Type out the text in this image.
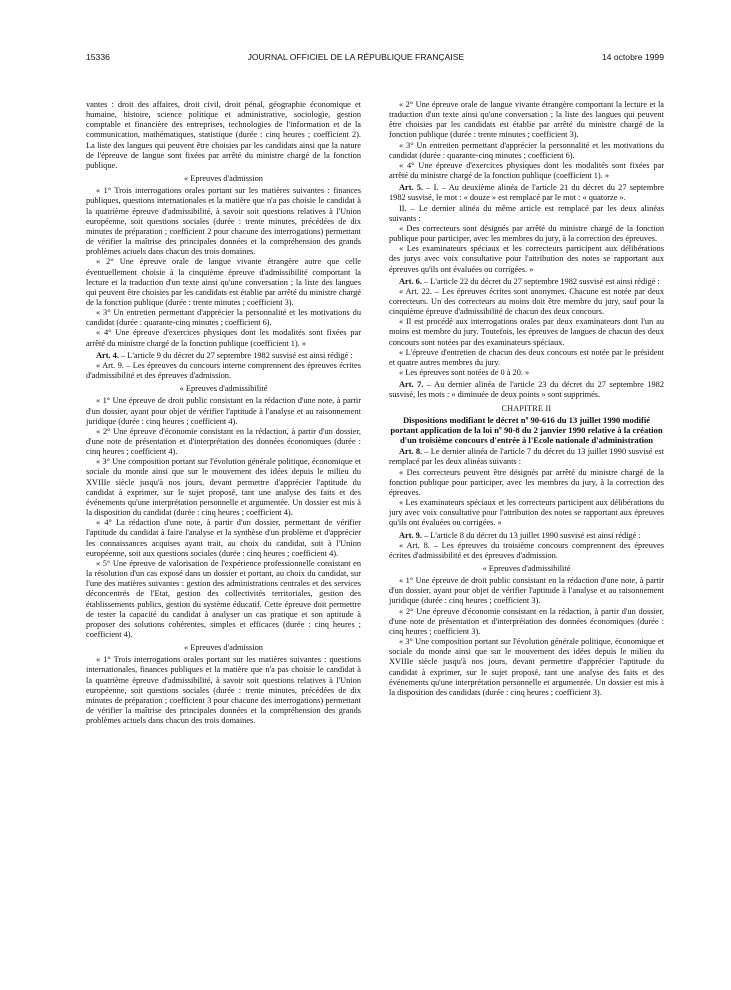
15336	JOURNAL OFFICIEL DE LA RÉPUBLIQUE FRANÇAISE	14 octobre 1999

vantes : droit des affaires, droit civil, droit pénal, géographie économique et humaine, histoire, science politique et administrative, sociologie, gestion comptable et financière des entreprises, technologies de l'information et de la communication, mathématiques, statistique (durée : cinq heures ; coefficient 2). La liste des langues qui peuvent être choisies par les candidats ainsi que la nature de l'épreuve de langue sont fixées par arrêté du ministre chargé de la fonction publique.

« Epreuves d'admission

« 1° Trois interrogations orales portant sur les matières suivantes : finances publiques, questions internationales et la matière que n'a pas choisie le candidat à la quatrième épreuve d'admissibilité, à savoir soit questions relatives à l'Union européenne, soit questions sociales (durée : trente minutes, précédées de dix minutes de préparation ; coefficient 2 pour chacune des interrogations) permettant de vérifier la maîtrise des principales données et la compréhension des grands problèmes actuels dans chacun des trois domaines.

« 2° Une épreuve orale de langue vivante étrangère autre que celle éventuellement choisie à la cinquième épreuve d'admissibilité comportant la lecture et la traduction d'un texte ainsi qu'une conversation ; la liste des langues qui peuvent être choisies par les candidats est établie par arrêté du ministre chargé de la fonction publique (durée : trente minutes ; coefficient 3).

« 3° Un entretien permettant d'apprécier la personnalité et les motivations du candidat (durée : quarante-cinq minutes ; coefficient 6).

« 4° Une épreuve d'exercices physiques dont les modalités sont fixées par arrêté du ministre chargé de la fonction publique (coefficient 1). »

Art. 4. – L'article 9 du décret du 27 septembre 1982 susvisé est ainsi rédigé :

« Art. 9. – Les épreuves du concours interne comprennent des épreuves écrites d'admissibilité et des épreuves d'admission.

« Epreuves d'admissibilité

« 1° Une épreuve de droit public consistant en la rédaction d'une note, à partir d'un dossier, ayant pour objet de vérifier l'aptitude à l'analyse et au raisonnement juridique (durée : cinq heures ; coefficient 4).

« 2° Une épreuve d'économie consistant en la rédaction, à partir d'un dossier, d'une note de présentation et d'interprétation des données économiques (durée : cinq heures ; coefficient 4).

« 3° Une composition portant sur l'évolution générale politique, économique et sociale du monde ainsi que sur le mouvement des idées depuis le milieu du XVIIIe siècle jusqu'à nos jours, devant permettre d'apprécier l'aptitude du candidat à exprimer, sur le sujet proposé, tant une analyse des faits et des événements qu'une interprétation personnelle et argumentée. Un dossier est mis à la disposition du candidat (durée : cinq heures ; coefficient 4).

« 4° La rédaction d'une note, à partir d'un dossier, permettant de vérifier l'aptitude du candidat à faire l'analyse et la synthèse d'un problème et d'apprécier les connaissances acquises ayant trait, au choix du candidat, soit à l'Union européenne, soit aux questions sociales (durée : cinq heures ; coefficient 4).

« 5° Une épreuve de valorisation de l'expérience professionnelle consistant en la résolution d'un cas exposé dans un dossier et portant, au choix du candidat, sur l'une des matières suivantes : gestion des administrations centrales et des services déconcentrés de l'Etat, gestion des collectivités territoriales, gestion des établissements publics, gestion du système éducatif. Cette épreuve doit permettre de tester la capacité du candidat à analyser un cas pratique et son aptitude à proposer des solutions cohérentes, simples et efficaces (durée : cinq heures ; coefficient 4).

« Epreuves d'admission

« 1° Trois interrogations orales portant sur les matières suivantes : questions internationales, finances publiques et la matière que n'a pas choisie le candidat à la quatrième épreuve d'admissibilité, à savoir soit questions relatives à l'Union européenne, soit questions sociales (durée : trente minutes, précédées de dix minutes de préparation ; coefficient 3 pour chacune des interrogations) permettant de vérifier la maîtrise des principales données et la compréhension des grands problèmes actuels dans chacun des trois domaines.

« 2° Une épreuve orale de langue vivante étrangère comportant la lecture et la traduction d'un texte ainsi qu'une conversation ; la liste des langues qui peuvent être choisies par les candidats est établie par arrêté du ministre chargé de la fonction publique (durée : trente minutes ; coefficient 3).

« 3° Un entretien permettant d'apprécier la personnalité et les motivations du candidat (durée : quarante-cinq minutes ; coefficient 6).

« 4° Une épreuve d'exercices physiques dont les modalités sont fixées par arrêté du ministre chargé de la fonction publique (coefficient 1). »

Art. 5. – I. – Au deuxième alinéa de l'article 21 du décret du 27 septembre 1982 susvisé, le mot : « douze » est remplacé par le mot : « quatorze ».

II. – Le dernier alinéa du même article est remplacé par les deux alinéas suivants :

« Des correcteurs sont désignés par arrêté du ministre chargé de la fonction publique pour participer, avec les membres du jury, à la correction des épreuves.

« Les examinateurs spéciaux et les correcteurs participent aux délibérations des jurys avec voix consultative pour l'attribution des notes se rapportant aux épreuves qu'ils ont évaluées ou corrigées. »

Art. 6. – L'article 22 du décret du 27 septembre 1982 susvisé est ainsi rédigé :

« Art. 22. – Les épreuves écrites sont anonymes. Chacune est notée par deux correcteurs. Un des correcteurs au moins doit être membre du jury, sauf pour la cinquième épreuve d'admissibilité de chacun des deux concours.

« Il est procédé aux interrogations orales par deux examinateurs dont l'un au moins est membre du jury. Toutefois, les épreuves de langues de chacun des deux concours sont notées par des examinateurs spéciaux.

« L'épreuve d'entretien de chacun des deux concours est notée par le président et quatre autres membres du jury.

« Les épreuves sont notées de 0 à 20. »

Art. 7. – Au dernier alinéa de l'article 23 du décret du 27 septembre 1982 susvisé, les mots : « diminuée de deux points » sont supprimés.

CHAPITRE II

Dispositions modifiant le décret nº 90-616 du 13 juillet 1990 modifié portant application de la loi nº 90-8 du 2 janvier 1990 relative à la création d'un troisième concours d'entrée à l'Ecole nationale d'administration

Art. 8. – Le dernier alinéa de l'article 7 du décret du 13 juillet 1990 susvisé est remplacé par les deux alinéas suivants :

« Des correcteurs peuvent être désignés par arrêté du ministre chargé de la fonction publique pour participer, avec les membres du jury, à la correction des épreuves.

« Les examinateurs spéciaux et les correcteurs participent aux délibérations du jury avec voix consultative pour l'attribution des notes se rapportant aux épreuves qu'ils ont évaluées ou corrigées. »

Art. 9. – L'article 8 du décret du 13 juillet 1990 susvisé est ainsi rédigé :

« Art. 8. – Les épreuves du troisième concours comprennent des épreuves écrites d'admissibilité et des épreuves d'admission.

« Epreuves d'admissibilité

« 1° Une épreuve de droit public consistant en la rédaction d'une note, à partir d'un dossier, ayant pour objet de vérifier l'aptitude à l'analyse et au raisonnement juridique (durée : cinq heures ; coefficient 3).

« 2° Une épreuve d'économie consistant en la rédaction, à partir d'un dossier, d'une note de présentation et d'interprétation des données économiques (durée : cinq heures ; coefficient 3).

« 3° Une composition portant sur l'évolution générale politique, économique et sociale du monde ainsi que sur le mouvement des idées depuis le milieu du XVIIIe siècle jusqu'à nos jours, devant permettre d'apprécier l'aptitude du candidat à exprimer, sur le sujet proposé, tant une analyse des faits et des événements qu'une interprétation personnelle et argumentée. Un dossier est mis à la disposition des candidats (durée : cinq heures ; coefficient 3).
